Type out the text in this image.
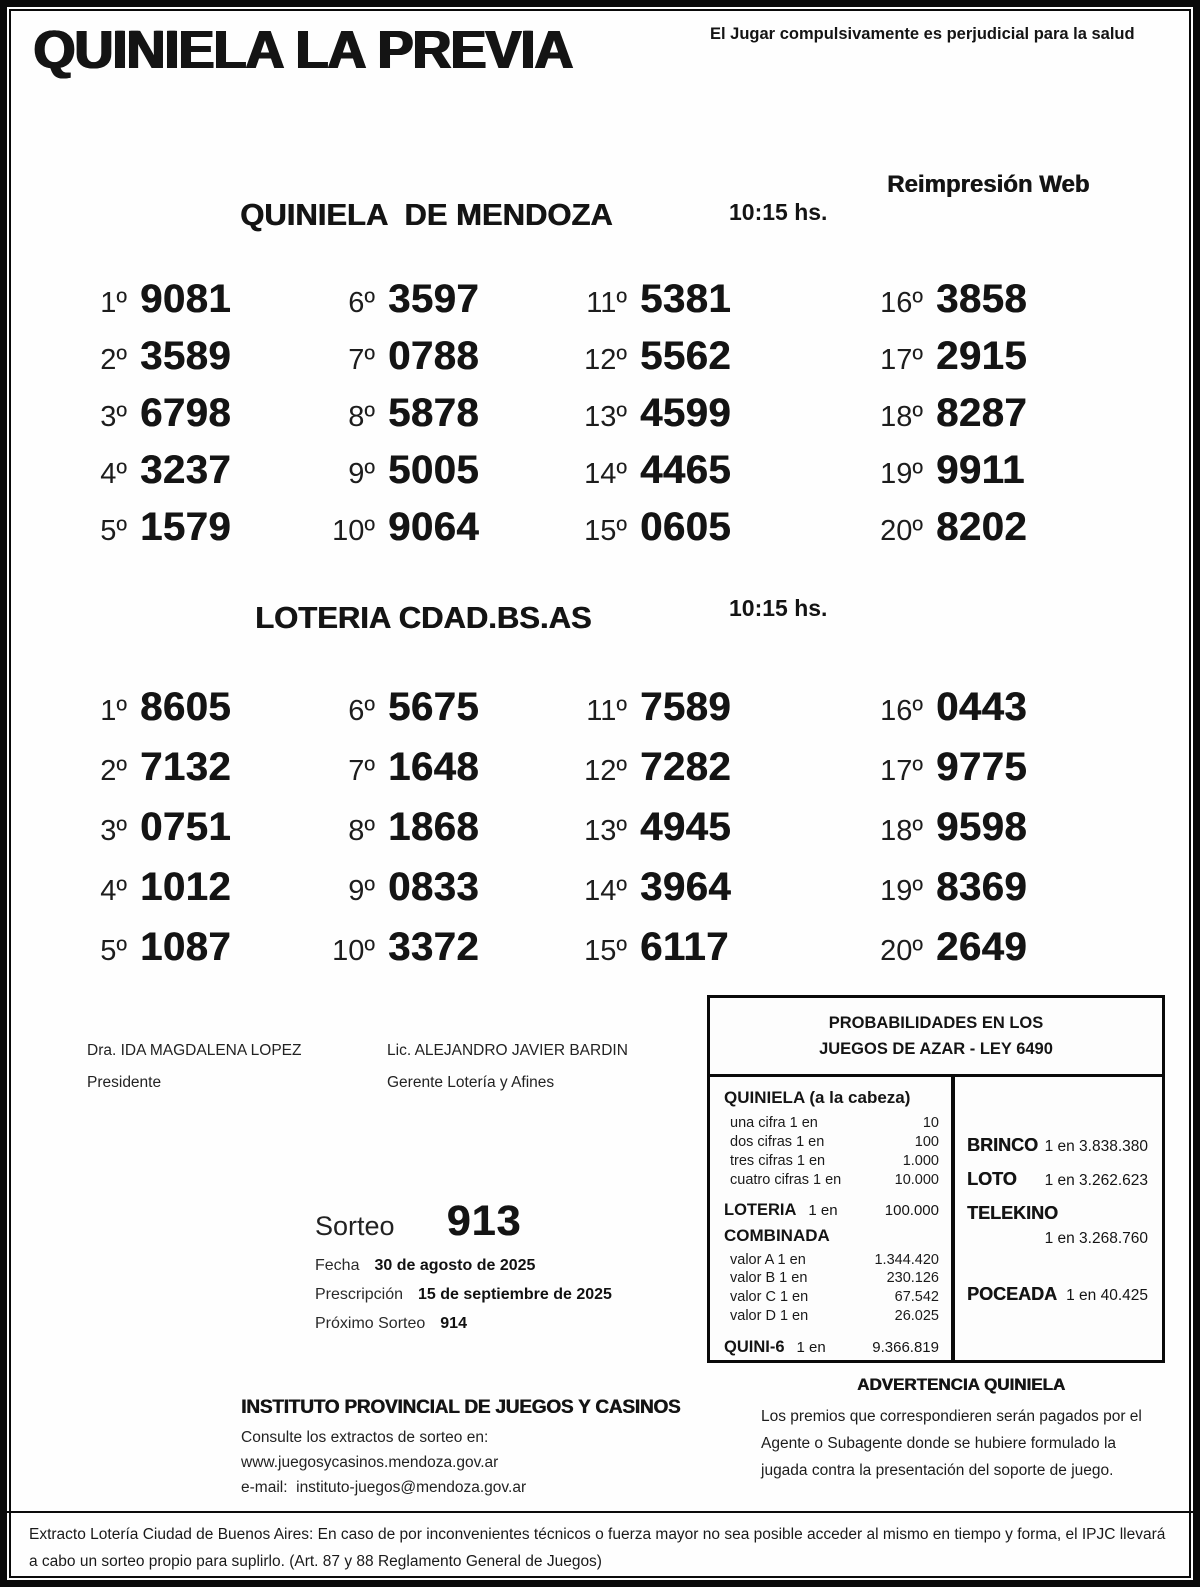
QUINIELA LA PREVIA	El Jugar compulsivamente es perjudicial para la salud
Reimpresión Web
QUINIELA  DE MENDOZA	10:15 hs.
1º 9081	6º 3597	11º 5381	16º 3858
2º 3589	7º 0788	12º 5562	17º 2915
3º 6798	8º 5878	13º 4599	18º 8287
4º 3237	9º 5005	14º 4465	19º 9911
5º 1579	10º 9064	15º 0605	20º 8202
LOTERIA CDAD.BS.AS	10:15 hs.
1º 8605	6º 5675	11º 7589	16º 0443
2º 7132	7º 1648	12º 7282	17º 9775
3º 0751	8º 1868	13º 4945	18º 9598
4º 1012	9º 0833	14º 3964	19º 8369
5º 1087	10º 3372	15º 6117	20º 2649
Dra. IDA MAGDALENA LOPEZ
Presidente
Lic. ALEJANDRO JAVIER BARDIN
Gerente Lotería y Afines
PROBABILIDADES EN LOS
JUEGOS DE AZAR - LEY 6490
QUINIELA (a la cabeza)
una cifra 1 en	10
dos cifras 1 en	100
tres cifras 1 en	1.000
cuatro cifras 1 en	10.000
LOTERIA 1 en	100.000
COMBINADA
valor A 1 en	1.344.420
valor B 1 en	230.126
valor C 1 en	67.542
valor D 1 en	26.025
QUINI-6 1 en	9.366.819
BRINCO 1 en 3.838.380
LOTO 1 en 3.262.623
TELEKINO
1 en 3.268.760
POCEADA 1 en 40.425
Sorteo 913
Fecha 30 de agosto de 2025
Prescripción 15 de septiembre de 2025
Próximo Sorteo 914
INSTITUTO PROVINCIAL DE JUEGOS Y CASINOS
Consulte los extractos de sorteo en:
www.juegosycasinos.mendoza.gov.ar
e-mail:  instituto-juegos@mendoza.gov.ar
ADVERTENCIA QUINIELA
Los premios que correspondieren serán pagados por el Agente o Subagente donde se hubiere formulado la jugada contra la presentación del soporte de juego.
Extracto Lotería Ciudad de Buenos Aires: En caso de por inconvenientes técnicos o fuerza mayor no sea posible acceder al mismo en tiempo y forma, el IPJC llevará a cabo un sorteo propio para suplirlo. (Art. 87 y 88 Reglamento General de Juegos)
